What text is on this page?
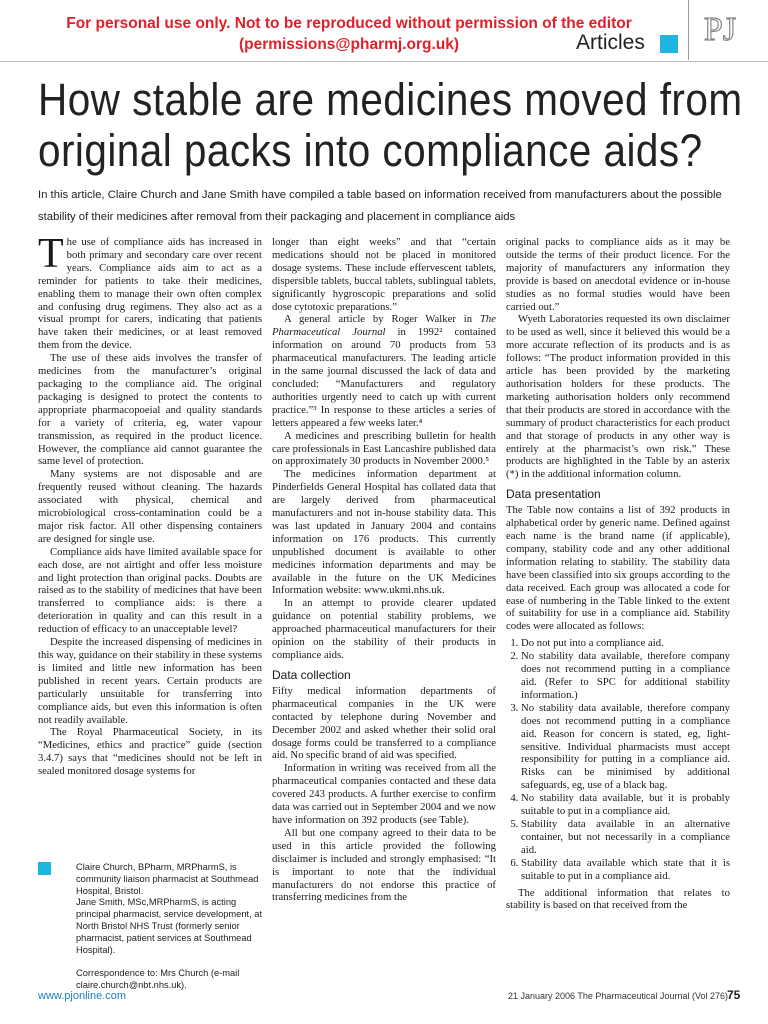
For personal use only. Not to be reproduced without permission of the editor
(permissions@pharmj.org.uk)	Articles PJ
How stable are medicines moved from
original packs into compliance aids?
In this article, Claire Church and Jane Smith have compiled a table based on information received from manufacturers about the possible
stability of their medicines after removal from their packaging and placement in compliance aids

The use of compliance aids has increased in both primary and secondary care over recent years. Compliance aids aim to act as a reminder for patients to take their medicines, enabling them to manage their own often complex and confusing drug regimens. They also act as a visual prompt for carers, indicating that patients have taken their medicines, or at least removed them from the device.

The use of these aids involves the transfer of medicines from the manufacturer’s original packaging to the compliance aid. The original packaging is designed to protect the contents to appropriate pharmacopoeial and quality standards for a variety of criteria, eg, water vapour transmission, as required in the product licence. However, the compliance aid cannot guarantee the same level of protection.

Many systems are not disposable and are frequently reused without cleaning. The hazards associated with physical, chemical and microbiological cross-contamination could be a major risk factor. All other dispensing containers are designed for single use.

Compliance aids have limited available space for each dose, are not airtight and offer less moisture and light protection than original packs. Doubts are raised as to the stability of medicines that have been transferred to compliance aids: is there a deterioration in quality and can this result in a reduction of efficacy to an unacceptable level?

Despite the increased dispensing of medicines in this way, guidance on their stability in these systems is limited and little new information has been published in recent years. Certain products are particularly unsuitable for transferring into compliance aids, but even this information is often not readily available.

The Royal Pharmaceutical Society, in its “Medicines, ethics and practice” guide (section 3.4.7) says that “medicines should not be left in sealed monitored dosage systems for

longer than eight weeks” and that “certain medications should not be placed in monitored dosage systems. These include effervescent tablets, dispersible tablets, buccal tablets, sublingual tablets, significantly hygroscopic preparations and solid dose cytotoxic preparations.”

A general article by Roger Walker in The Pharmaceutical Journal in 1992² contained information on around 70 products from 53 pharmaceutical manufacturers. The leading article in the same journal discussed the lack of data and concluded: “Manufacturers and regulatory authorities urgently need to catch up with current practice.”³ In response to these articles a series of letters appeared a few weeks later.⁴

A medicines and prescribing bulletin for health care professionals in East Lancashire published data on approximately 30 products in November 2000.⁵

The medicines information department at Pinderfields General Hospital has collated data that are largely derived from pharmaceutical manufacturers and not in-house stability data. This was last updated in January 2004 and contains information on 176 products. This currently unpublished document is available to other medicines information departments and may be available in the future on the UK Medicines Information website: www.ukmi.nhs.uk.

In an attempt to provide clearer updated guidance on potential stability problems, we approached pharmaceutical manufacturers for their opinion on the stability of their products in compliance aids.

Data collection

Fifty medical information departments of pharmaceutical companies in the UK were contacted by telephone during November and December 2002 and asked whether their solid oral dosage forms could be transferred to a compliance aid. No specific brand of aid was specified.

Information in writing was received from all the pharmaceutical companies contacted and these data covered 243 products. A further exercise to confirm data was carried out in September 2004 and we now have information on 392 products (see Table).

All but one company agreed to their data to be used in this article provided the following disclaimer is included and strongly emphasised: “It is important to note that the individual manufacturers do not endorse this practice of transferring medicines from the

original packs to compliance aids as it may be outside the terms of their product licence. For the majority of manufacturers any information they provide is based on anecdotal evidence or in-house studies as no formal studies would have been carried out.”

Wyeth Laboratories requested its own disclaimer to be used as well, since it believed this would be a more accurate reflection of its products and is as follows: “The product information provided in this article has been provided by the marketing authorisation holders for these products. The marketing authorisation holders only recommend that their products are stored in accordance with the summary of product characteristics for each product and that storage of products in any other way is entirely at the pharmacist’s own risk.” These products are highlighted in the Table by an asterix (*) in the additional information column.

Data presentation

The Table now contains a list of 392 products in alphabetical order by generic name. Defined against each name is the brand name (if applicable), company, stability code and any other additional information relating to stability. The stability data have been classified into six groups according to the data received. Each group was allocated a code for ease of numbering in the Table linked to the extent of suitability for use in a compliance aid. Stability codes were allocated as follows:

1. Do not put into a compliance aid.
2. No stability data available, therefore company does not recommend putting in a compliance aid. (Refer to SPC for additional stability information.)
3. No stability data available, therefore company does not recommend putting in a compliance aid. Reason for concern is stated, eg, light-sensitive. Individual pharmacists must accept responsibility for putting in a compliance aid. Risks can be minimised by additional safeguards, eg, use of a black bag.
4. No stability data available, but it is probably suitable to put in a compliance aid.
5. Stability data available in an alternative container, but not necessarily in a compliance aid.
6. Stability data available which state that it is suitable to put in a compliance aid.

The additional information that relates to stability is based on that received from the

Claire Church, BPharm, MRPharmS, is community liaison pharmacist at Southmead Hospital, Bristol.

Jane Smith, MSc,MRPharmS, is acting principal pharmacist, service development, at North Bristol NHS Trust (formerly senior pharmacist, patient services at Southmead Hospital).

Correspondence to: Mrs Church (e-mail claire.church@nbt.nhs.uk).

www.pjonline.com	21 January 2006 The Pharmaceutical Journal (Vol 276) 75
